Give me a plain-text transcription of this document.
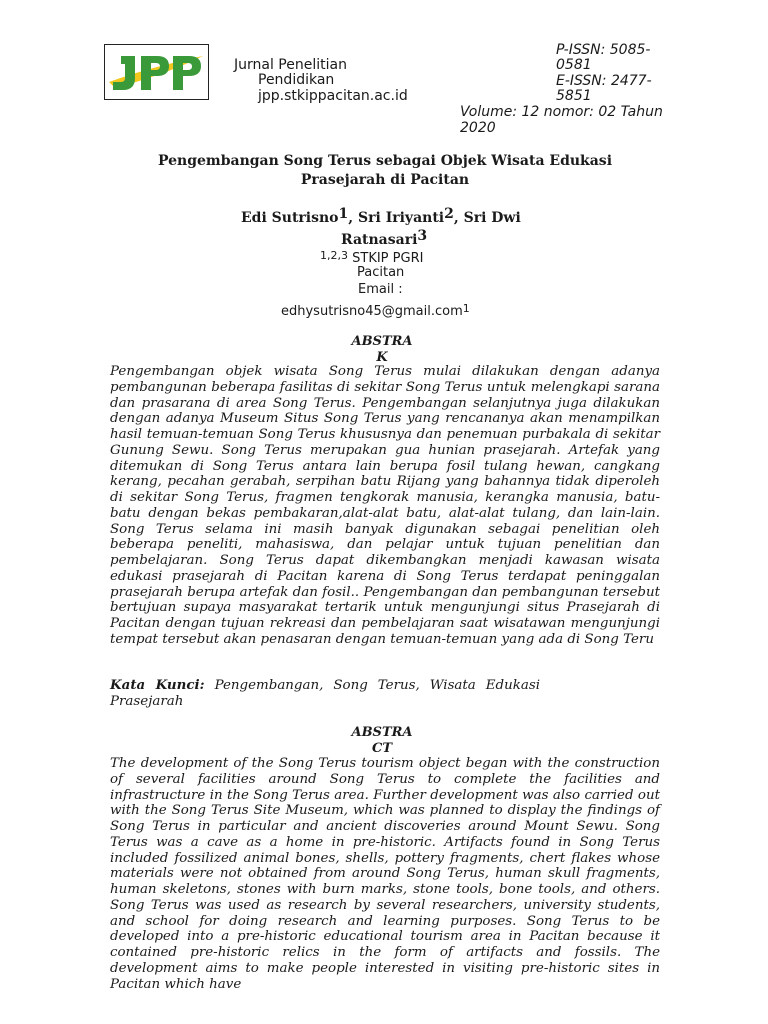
Jurnal Penelitian
Pendidikan
jpp.stkippacitan.ac.id
P-ISSN: 5085-
0581
E-ISSN: 2477-
5851
Volume: 12 nomor: 02 Tahun
2020
Pengembangan Song Terus sebagai Objek Wisata Edukasi
Prasejarah di Pacitan
Edi Sutrisno$^1$, Sri Iriyanti$^2$, Sri Dwi
Ratnasari$^3$
$^{1,2,3}$ STKIP PGRI
Pacitan
Email :
edhysutrisno45@gmail.com$^1$
ABSTRA
K

Pengembangan objek wisata Song Terus mulai dilakukan dengan adanya pembangunan beberapa fasilitas di sekitar Song Terus untuk melengkapi sarana dan prasarana di area Song Terus. Pengembangan selanjutnya juga dilakukan dengan adanya Museum Situs Song Terus yang rencananya akan menampilkan hasil temuan-temuan Song Terus khususnya dan penemuan purbakala di sekitar Gunung Sewu. Song Terus merupakan gua hunian prasejarah. Artefak yang ditemukan di Song Terus antara lain berupa fosil tulang hewan, cangkang kerang, pecahan gerabah, serpihan batu Rijang yang bahannya tidak diperoleh di sekitar Song Terus, fragmen tengkorak manusia, kerangka manusia, batu-batu dengan bekas pembakaran,alat-alat batu, alat-alat tulang, dan lain-lain. Song Terus selama ini masih banyak digunakan sebagai penelitian oleh beberapa peneliti, mahasiswa, dan pelajar untuk tujuan penelitian dan pembelajaran. Song Terus dapat dikembangkan menjadi kawasan wisata edukasi prasejarah di Pacitan karena di Song Terus terdapat peninggalan prasejarah berupa artefak dan fosil.. Pengembangan dan pembangunan tersebut bertujuan supaya masyarakat tertarik untuk mengunjungi situs Prasejarah di Pacitan dengan tujuan rekreasi dan pembelajaran saat wisatawan mengunjungi tempat tersebut akan penasaran dengan temuan-temuan yang ada di Song Teru

Kata Kunci: Pengembangan, Song Terus, Wisata Edukasi Prasejarah
ABSTRA
CT

The development of the Song Terus tourism object began with the construction of several facilities around Song Terus to complete the facilities and infrastructure in the Song Terus area. Further development was also carried out with the Song Terus Site Museum, which was planned to display the findings of Song Terus in particular and ancient discoveries around Mount Sewu. Song Terus was a cave as a home in pre-historic. Artifacts found in Song Terus included fossilized animal bones, shells, pottery fragments, chert flakes whose materials were not obtained from around Song Terus, human skull fragments, human skeletons, stones with burn marks, stone tools, bone tools, and others. Song Terus was used as research by several researchers, university students, and school for doing research and learning purposes. Song Terus to be developed into a pre-historic educational tourism area in Pacitan because it contained pre-historic relics in the form of artifacts and fossils. The development aims to make people interested in visiting pre-historic sites in Pacitan which have
